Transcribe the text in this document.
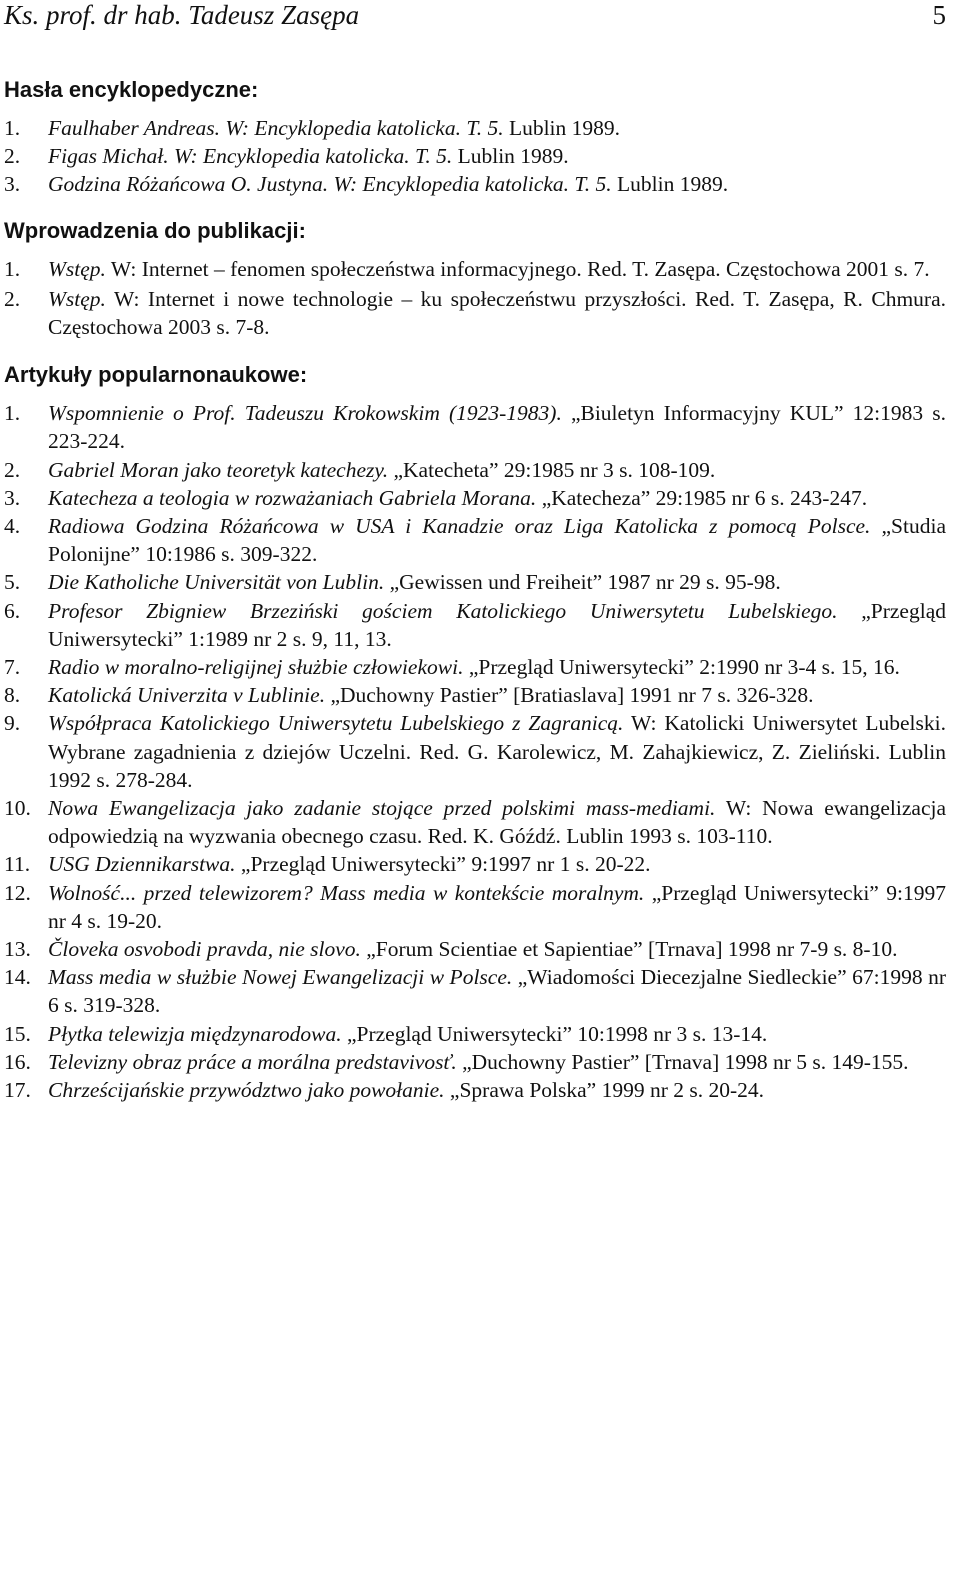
Ks. prof. dr hab. Tadeusz Zasępa	5
Hasła encyklopedyczne:
1.	Faulhaber Andreas. W: Encyklopedia katolicka. T. 5. Lublin 1989.
2.	Figas Michał. W: Encyklopedia katolicka. T. 5. Lublin 1989.
3.	Godzina Różańcowa O. Justyna. W: Encyklopedia katolicka. T. 5. Lublin 1989.
Wprowadzenia do publikacji:
1.	Wstęp. W: Internet – fenomen społeczeństwa informacyjnego. Red. T. Zasępa. Częstochowa 2001 s. 7.
2.	Wstęp. W: Internet i nowe technologie – ku społeczeństwu przyszłości. Red. T. Zasępa, R. Chmura. Częstochowa 2003 s. 7-8.
Artykuły popularnonaukowe:
1.	Wspomnienie o Prof. Tadeuszu Krokowskim (1923-1983). „Biuletyn Informacyjny KUL” 12:1983 s. 223-224.
2.	Gabriel Moran jako teoretyk katechezy. „Katecheta” 29:1985 nr 3 s. 108-109.
3.	Katecheza a teologia w rozważaniach Gabriela Morana. „Katecheza” 29:1985 nr 6 s. 243-247.
4.	Radiowa Godzina Różańcowa w USA i Kanadzie oraz Liga Katolicka z pomocą Polsce. „Studia Polonijne” 10:1986 s. 309-322.
5.	Die Katholiche Universität von Lublin. „Gewissen und Freiheit” 1987 nr 29 s. 95-98.
6.	Profesor Zbigniew Brzeziński gościem Katolickiego Uniwersytetu Lubelskiego. „Przegląd Uniwersytecki” 1:1989 nr 2 s. 9, 11, 13.
7.	Radio w moralno-religijnej służbie człowiekowi. „Przegląd Uniwersytecki” 2:1990 nr 3-4 s. 15, 16.
8.	Katolická Univerzita v Lublinie. „Duchowny Pastier” [Bratiaslava] 1991 nr 7 s. 326-328.
9.	Współpraca Katolickiego Uniwersytetu Lubelskiego z Zagranicą. W: Katolicki Uniwersytet Lubelski. Wybrane zagadnienia z dziejów Uczelni. Red. G. Karolewicz, M. Zahajkiewicz, Z. Zieliński. Lublin 1992 s. 278-284.
10. Nowa Ewangelizacja jako zadanie stojące przed polskimi mass-mediami. W: Nowa ewangelizacja odpowiedzią na wyzwania obecnego czasu. Red. K. Góźdź. Lublin 1993 s. 103-110.
11. USG Dziennikarstwa. „Przegląd Uniwersytecki” 9:1997 nr 1 s. 20-22.
12. Wolność... przed telewizorem? Mass media w kontekście moralnym. „Przegląd Uniwersytecki” 9:1997 nr 4 s. 19-20.
13. Človeka osvobodi pravda, nie slovo. „Forum Scientiae et Sapientiae” [Trnava] 1998 nr 7-9 s. 8-10.
14. Mass media w służbie Nowej Ewangelizacji w Polsce. „Wiadomości Diecezjalne Siedleckie” 67:1998 nr 6 s. 319-328.
15. Płytka telewizja międzynarodowa. „Przegląd Uniwersytecki” 10:1998 nr 3 s. 13-14.
16. Televizny obraz práce a morálna predstavivosť. „Duchowny Pastier” [Trnava] 1998 nr 5 s. 149-155.
17. Chrześcijańskie przywództwo jako powołanie. „Sprawa Polska” 1999 nr 2 s. 20-24.
